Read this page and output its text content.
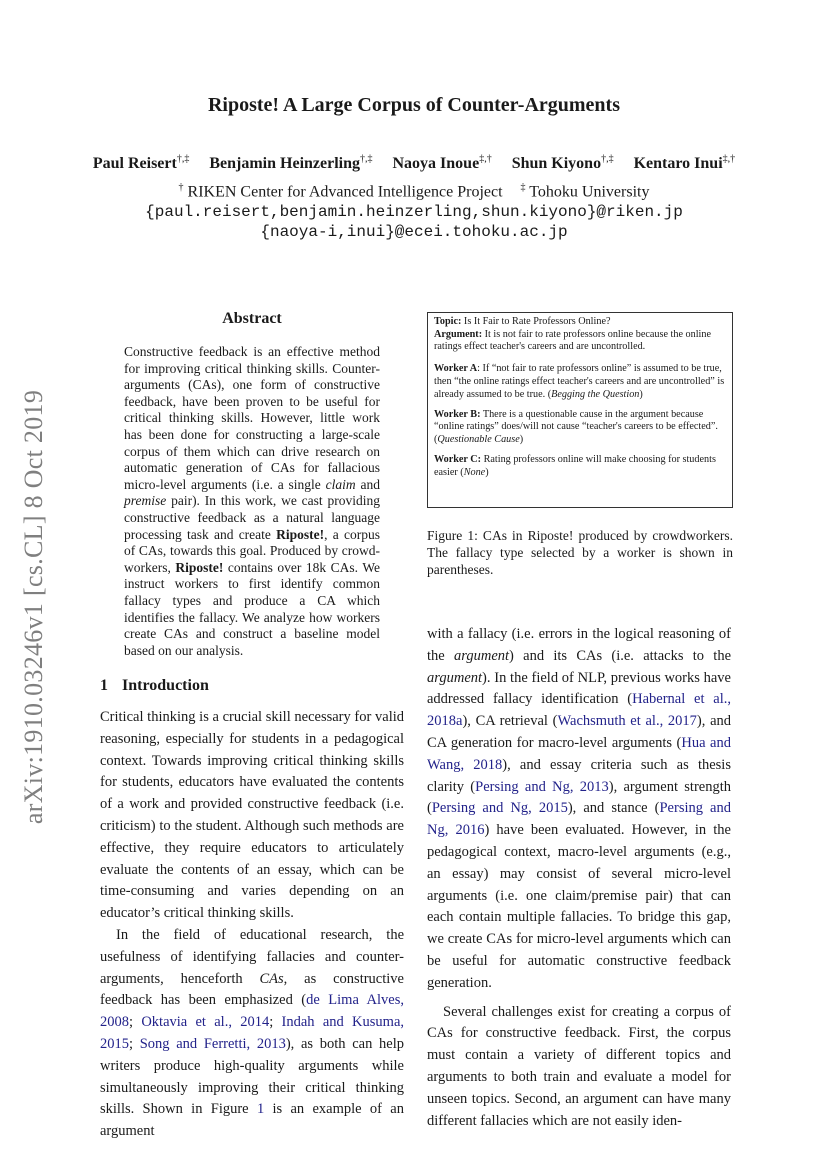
arXiv:1910.03246v1 [cs.CL] 8 Oct 2019
Riposte! A Large Corpus of Counter-Arguments
Paul Reisert†,‡ Benjamin Heinzerling†,‡ Naoya Inoue‡,† Shun Kiyono†,‡ Kentaro Inui‡,†
† RIKEN Center for Advanced Intelligence Project ‡ Tohoku University
{paul.reisert,benjamin.heinzerling,shun.kiyono}@riken.jp
{naoya-i,inui}@ecei.tohoku.ac.jp
Abstract
Constructive feedback is an effective method for improving critical thinking skills. Counter-arguments (CAs), one form of constructive feedback, have been proven to be useful for critical thinking skills. However, little work has been done for constructing a large-scale corpus of them which can drive research on automatic generation of CAs for fallacious micro-level arguments (i.e. a single claim and premise pair). In this work, we cast providing constructive feedback as a natural language processing task and create Riposte!, a corpus of CAs, towards this goal. Produced by crowd-workers, Riposte! contains over 18k CAs. We instruct workers to first identify common fallacy types and produce a CA which identifies the fallacy. We analyze how workers create CAs and construct a baseline model based on our analysis.
1 Introduction

Critical thinking is a crucial skill necessary for valid reasoning, especially for students in a pedagogical context. Towards improving critical thinking skills for students, educators have evaluated the contents of a work and provided constructive feedback (i.e. criticism) to the student. Although such methods are effective, they require educators to articulately evaluate the contents of an essay, which can be time-consuming and varies depending on an educator’s critical thinking skills.

In the field of educational research, the usefulness of identifying fallacies and counter-arguments, henceforth CAs, as constructive feedback has been emphasized (de Lima Alves, 2008; Oktavia et al., 2014; Indah and Kusuma, 2015; Song and Ferretti, 2013), as both can help writers produce high-quality arguments while simultaneously improving their critical thinking skills. Shown in Figure 1 is an example of an argument

Topic: Is It Fair to Rate Professors Online?
Argument: It is not fair to rate professors online because the online ratings effect teacher's careers and are uncontrolled.

Worker A: If “not fair to rate professors online” is assumed to be true, then “the online ratings effect teacher's careers and are uncontrolled” is already assumed to be true. (Begging the Question)

Worker B: There is a questionable cause in the argument because “online ratings” does/will not cause “teacher's careers to be effected”. (Questionable Cause)

Worker C: Rating professors online will make choosing for students easier (None)

Figure 1: CAs in Riposte! produced by crowdworkers. The fallacy type selected by a worker is shown in parentheses.

with a fallacy (i.e. errors in the logical reasoning of the argument) and its CAs (i.e. attacks to the argument). In the field of NLP, previous works have addressed fallacy identification (Habernal et al., 2018a), CA retrieval (Wachsmuth et al., 2017), and CA generation for macro-level arguments (Hua and Wang, 2018), and essay criteria such as thesis clarity (Persing and Ng, 2013), argument strength (Persing and Ng, 2015), and stance (Persing and Ng, 2016) have been evaluated. However, in the pedagogical context, macro-level arguments (e.g., an essay) may consist of several micro-level arguments (i.e. one claim/premise pair) that can each contain multiple fallacies. To bridge this gap, we create CAs for micro-level arguments which can be useful for automatic constructive feedback generation.

Several challenges exist for creating a corpus of CAs for constructive feedback. First, the corpus must contain a variety of different topics and arguments to both train and evaluate a model for unseen topics. Second, an argument can have many different fallacies which are not easily iden-
